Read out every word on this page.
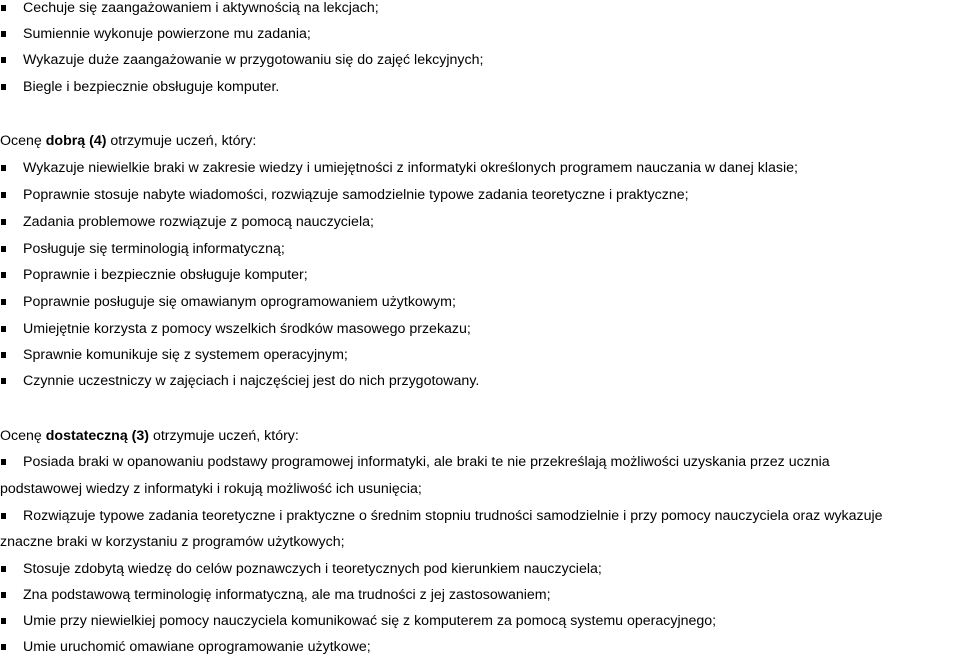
Cechuje się zaangażowaniem i aktywnością na lekcjach;
Sumiennie wykonuje powierzone mu zadania;
Wykazuje duże zaangażowanie w przygotowaniu się do zajęć lekcyjnych;
Biegle i bezpiecznie obsługuje komputer.
Ocenę dobrą (4) otrzymuje uczeń, który:
Wykazuje niewielkie braki w zakresie wiedzy i umiejętności z informatyki określonych programem nauczania w danej klasie;
Poprawnie stosuje nabyte wiadomości, rozwiązuje samodzielnie typowe zadania teoretyczne i praktyczne;
Zadania problemowe rozwiązuje z pomocą nauczyciela;
Posługuje się terminologią informatyczną;
Poprawnie i bezpiecznie obsługuje komputer;
Poprawnie posługuje się omawianym oprogramowaniem użytkowym;
Umiejętnie korzysta z pomocy wszelkich środków masowego przekazu;
Sprawnie komunikuje się z systemem operacyjnym;
Czynnie uczestniczy w zajęciach i najczęściej jest do nich przygotowany.
Ocenę dostateczną (3) otrzymuje uczeń, który:
Posiada braki w opanowaniu podstawy programowej informatyki, ale braki te nie przekreślają możliwości uzyskania przez ucznia
podstawowej wiedzy z informatyki i rokują możliwość ich usunięcia;
Rozwiązuje typowe zadania teoretyczne i praktyczne o średnim stopniu trudności samodzielnie i przy pomocy nauczyciela oraz wykazuje
znaczne braki w korzystaniu z programów użytkowych;
Stosuje zdobytą wiedzę do celów poznawczych i teoretycznych pod kierunkiem nauczyciela;
Zna podstawową terminologię informatyczną, ale ma trudności z jej zastosowaniem;
Umie przy niewielkiej pomocy nauczyciela komunikować się z komputerem za pomocą systemu operacyjnego;
Umie uruchomić omawiane oprogramowanie użytkowe;
